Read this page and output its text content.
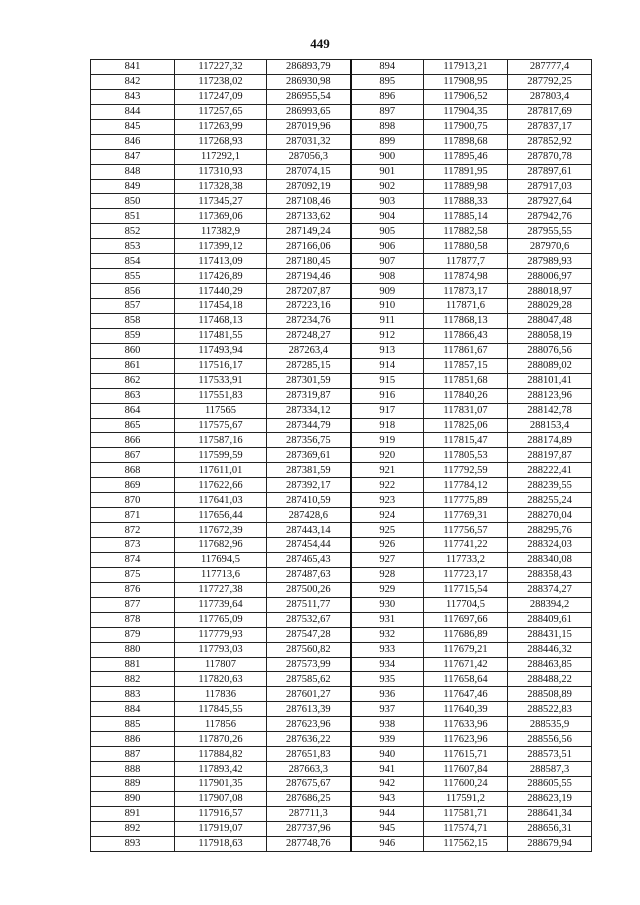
449
841	117227,32	286893,79	894	117913,21	287777,4
842	117238,02	286930,98	895	117908,95	287792,25
843	117247,09	286955,54	896	117906,52	287803,4
844	117257,65	286993,65	897	117904,35	287817,69
845	117263,99	287019,96	898	117900,75	287837,17
846	117268,93	287031,32	899	117898,68	287852,92
847	117292,1	287056,3	900	117895,46	287870,78
848	117310,93	287074,15	901	117891,95	287897,61
849	117328,38	287092,19	902	117889,98	287917,03
850	117345,27	287108,46	903	117888,33	287927,64
851	117369,06	287133,62	904	117885,14	287942,76
852	117382,9	287149,24	905	117882,58	287955,55
853	117399,12	287166,06	906	117880,58	287970,6
854	117413,09	287180,45	907	117877,7	287989,93
855	117426,89	287194,46	908	117874,98	288006,97
856	117440,29	287207,87	909	117873,17	288018,97
857	117454,18	287223,16	910	117871,6	288029,28
858	117468,13	287234,76	911	117868,13	288047,48
859	117481,55	287248,27	912	117866,43	288058,19
860	117493,94	287263,4	913	117861,67	288076,56
861	117516,17	287285,15	914	117857,15	288089,02
862	117533,91	287301,59	915	117851,68	288101,41
863	117551,83	287319,87	916	117840,26	288123,96
864	117565	287334,12	917	117831,07	288142,78
865	117575,67	287344,79	918	117825,06	288153,4
866	117587,16	287356,75	919	117815,47	288174,89
867	117599,59	287369,61	920	117805,53	288197,87
868	117611,01	287381,59	921	117792,59	288222,41
869	117622,66	287392,17	922	117784,12	288239,55
870	117641,03	287410,59	923	117775,89	288255,24
871	117656,44	287428,6	924	117769,31	288270,04
872	117672,39	287443,14	925	117756,57	288295,76
873	117682,96	287454,44	926	117741,22	288324,03
874	117694,5	287465,43	927	117733,2	288340,08
875	117713,6	287487,63	928	117723,17	288358,43
876	117727,38	287500,26	929	117715,54	288374,27
877	117739,64	287511,77	930	117704,5	288394,2
878	117765,09	287532,67	931	117697,66	288409,61
879	117779,93	287547,28	932	117686,89	288431,15
880	117793,03	287560,82	933	117679,21	288446,32
881	117807	287573,99	934	117671,42	288463,85
882	117820,63	287585,62	935	117658,64	288488,22
883	117836	287601,27	936	117647,46	288508,89
884	117845,55	287613,39	937	117640,39	288522,83
885	117856	287623,96	938	117633,96	288535,9
886	117870,26	287636,22	939	117623,96	288556,56
887	117884,82	287651,83	940	117615,71	288573,51
888	117893,42	287663,3	941	117607,84	288587,3
889	117901,35	287675,67	942	117600,24	288605,55
890	117907,08	287686,25	943	117591,2	288623,19
891	117916,57	287711,3	944	117581,71	288641,34
892	117919,07	287737,96	945	117574,71	288656,31
893	117918,63	287748,76	946	117562,15	288679,94
